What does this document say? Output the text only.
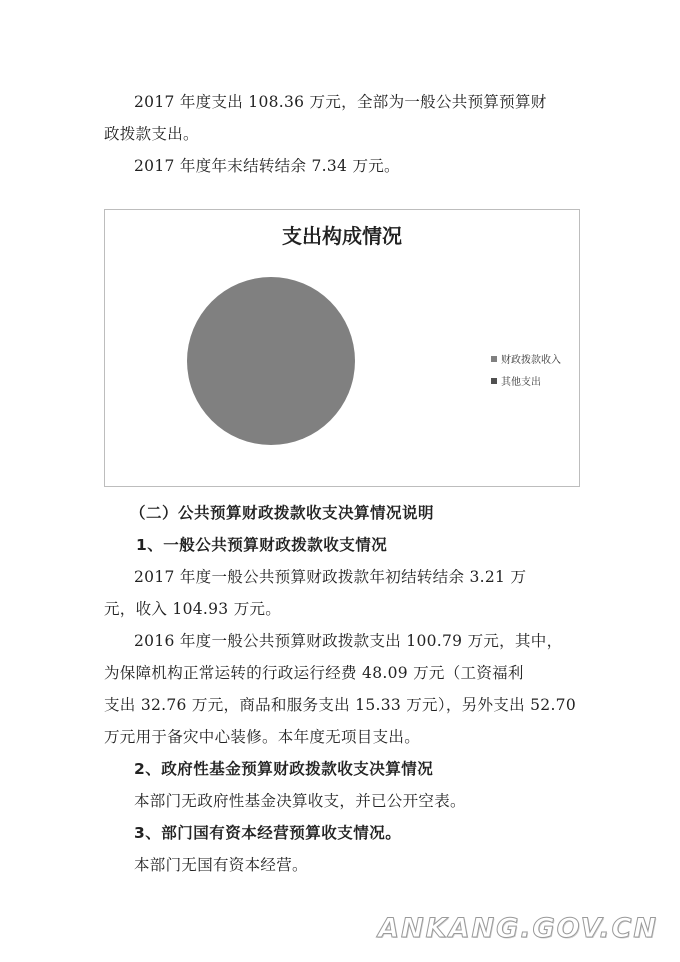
2017 年度支出 108.36 万元，全部为一般公共预算预算财
政拨款支出。
2017 年度年末结转结余 7.34 万元。
支出构成情况
财政拨款收入
其他支出
（二）公共预算财政拨款收支决算情况说明
1、一般公共预算财政拨款收支情况
2017 年度一般公共预算财政拨款年初结转结余 3.21 万
元，收入 104.93 万元。
2016 年度一般公共预算财政拨款支出 100.79 万元，其中，
为保障机构正常运转的行政运行经费 48.09 万元（工资福利
支出 32.76 万元，商品和服务支出 15.33 万元），另外支出 52.70
万元用于备灾中心装修。本年度无项目支出。
2、政府性基金预算财政拨款收支决算情况
本部门无政府性基金决算收支，并已公开空表。
3、部门国有资本经营预算收支情况。
本部门无国有资本经营。
ANKANG.GOV.CN
